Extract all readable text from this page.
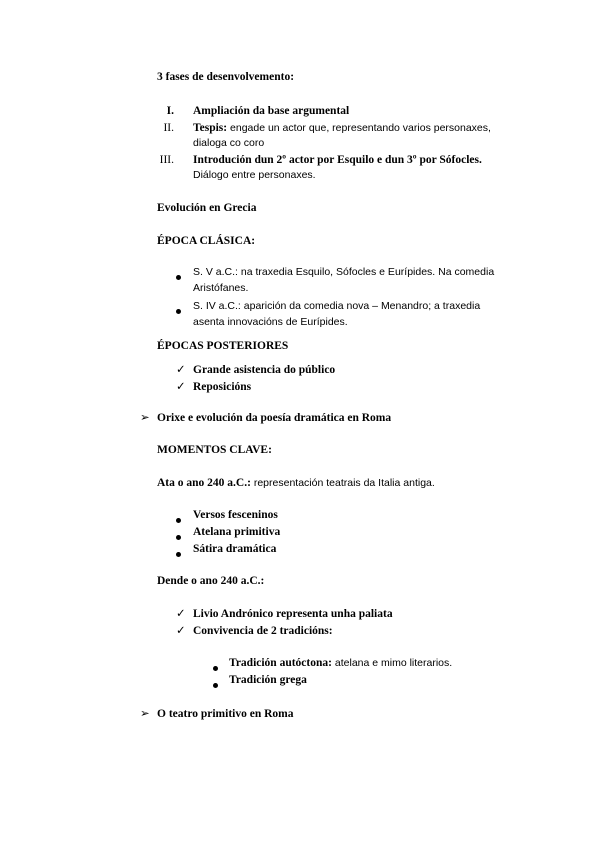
3 fases de desenvolvemento:
I. Ampliación da base argumental
II. Tespis: engade un actor que, representando varios personaxes,
dialoga co coro
III. Introdución dun 2º actor por Esquilo e dun 3º por Sófocles.
Diálogo entre personaxes.
Evolución en Grecia
ÉPOCA CLÁSICA:
S. V a.C.: na traxedia Esquilo, Sófocles e Eurípides. Na comedia
Aristófanes.
S. IV a.C.: aparición da comedia nova – Menandro; a traxedia
asenta innovacións de Eurípides.
ÉPOCAS POSTERIORES
✓ Grande asistencia do público
✓ Reposicións
➢ Orixe e evolución da poesía dramática en Roma
MOMENTOS CLAVE:
Ata o ano 240 a.C.: representación teatrais da Italia antiga.
Versos fesceninos
Atelana primitiva
Sátira dramática
Dende o ano 240 a.C.:
✓ Livio Andrónico representa unha paliata
✓ Convivencia de 2 tradicións:
Tradición autóctona: atelana e mimo literarios.
Tradición grega
➢ O teatro primitivo en Roma
